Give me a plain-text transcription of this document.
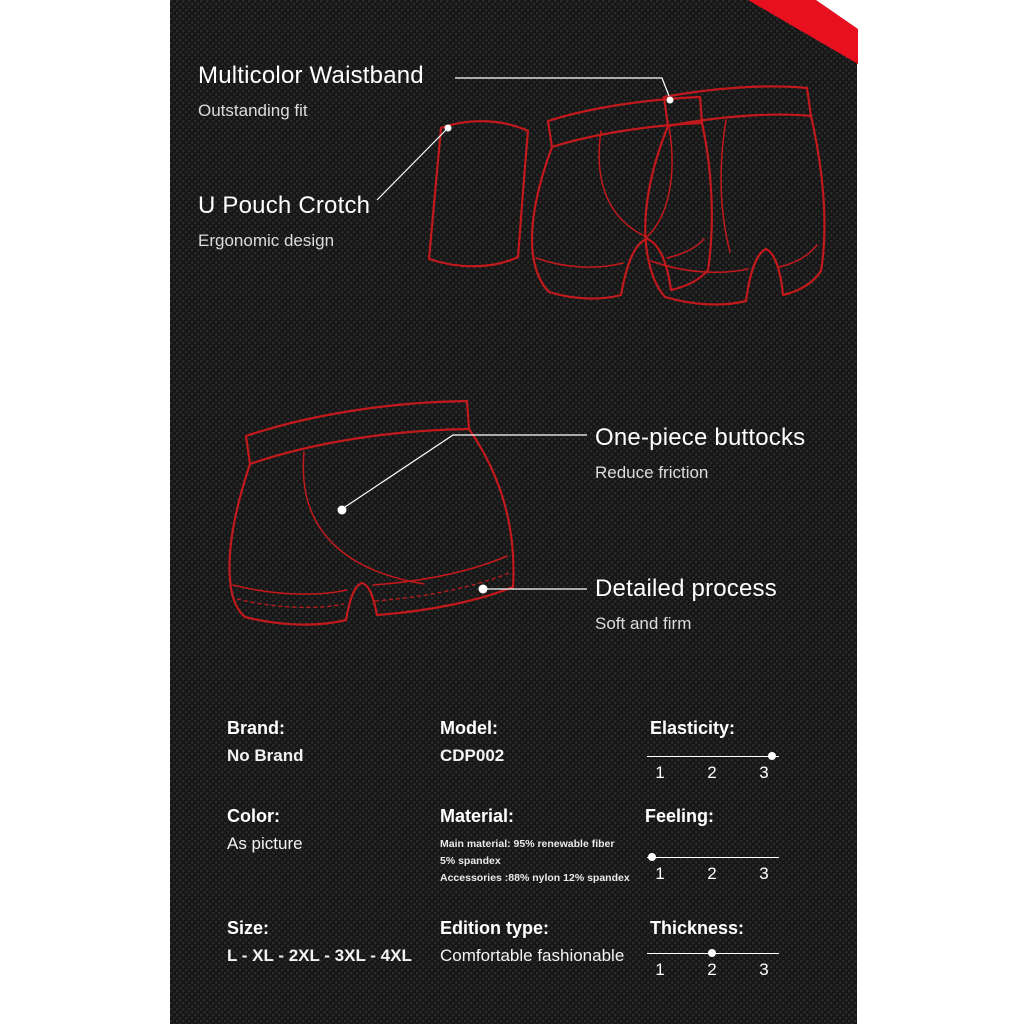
Multicolor Waistband
Outstanding fit
U Pouch Crotch
Ergonomic design
One-piece buttocks
Reduce friction
Detailed process
Soft and firm
Brand:
No Brand
Model:
CDP002
Elasticity:
1	2	3
Color:
As picture
Material:
Main material: 95% renewable fiber
5% spandex
Accessories :88% nylon 12% spandex
Feeling:
1	2	3
Size:
L - XL - 2XL - 3XL - 4XL
Edition type:
Comfortable fashionable
Thickness:
1	2	3
